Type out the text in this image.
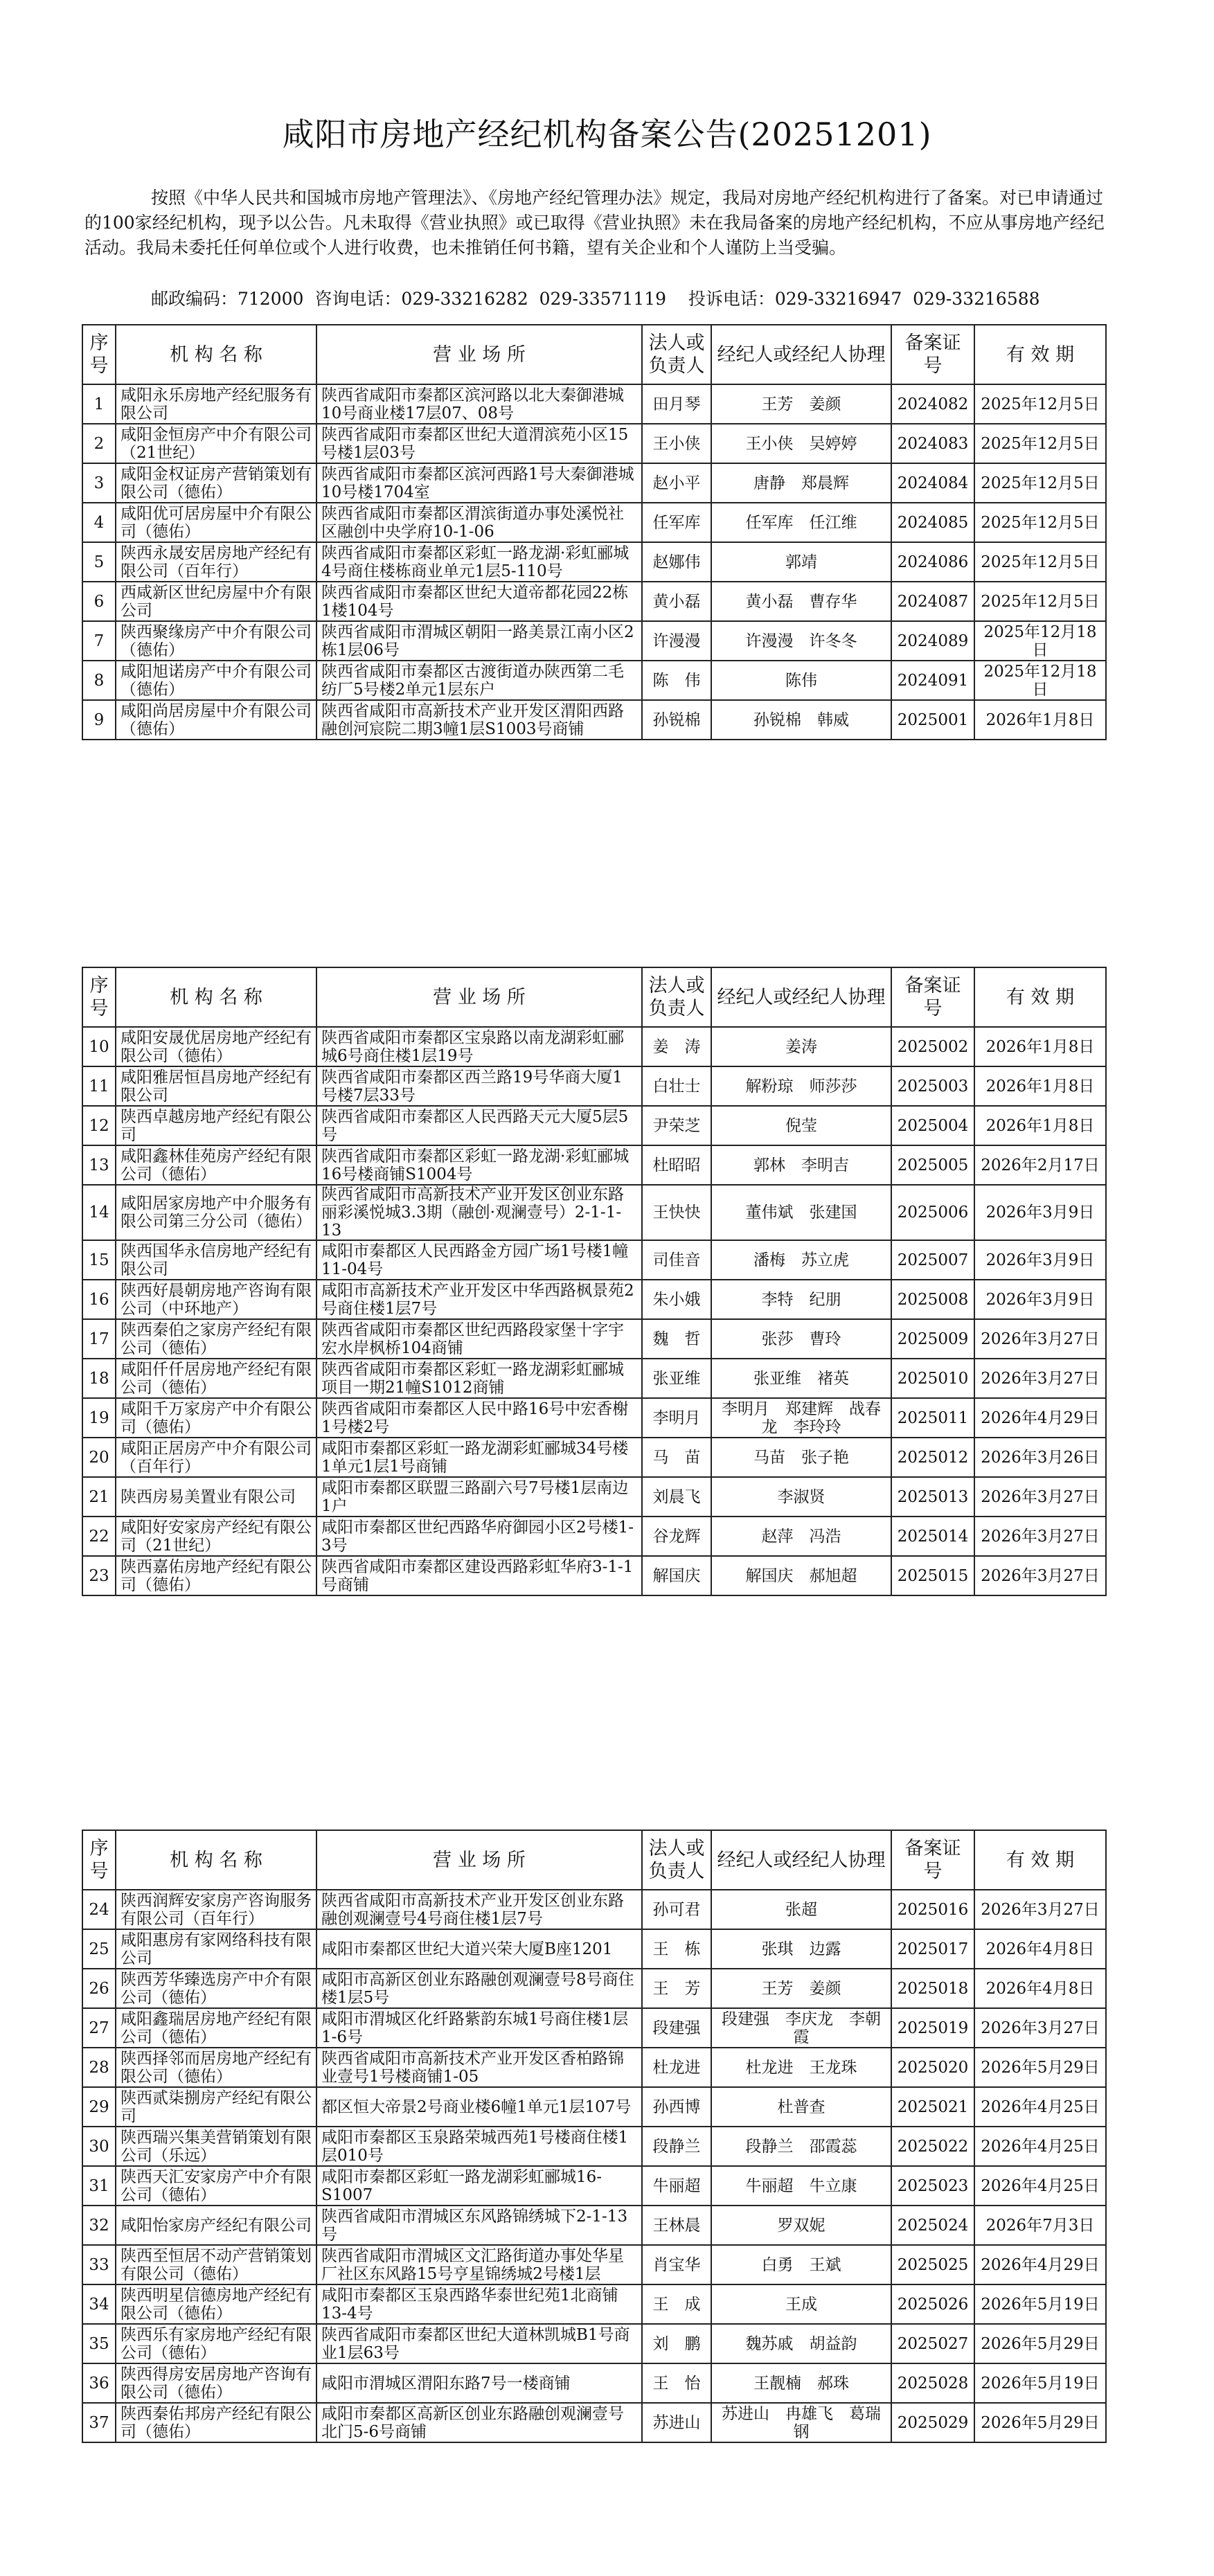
咸阳市房地产经纪机构备案公告(20251201)
按照《中华人民共和国城市房地产管理法》、《房地产经纪管理办法》规定，我局对房地产经纪机构进行了备案。对已申请通过的100家经纪机构，现予以公告。凡未取得《营业执照》或已取得《营业执照》未在我局备案的房地产经纪机构，不应从事房地产经纪活动。我局未委托任何单位或个人进行收费，也未推销任何书籍，望有关企业和个人谨防上当受骗。
邮政编码：712000  咨询电话：029-33216282  029-33571119    投诉电话：029-33216947  029-33216588
序号	机 构 名 称	营 业 场 所	法人或负责人	经纪人或经纪人协理	备案证号	有 效 期
1	咸阳永乐房地产经纪服务有限公司	陕西省咸阳市秦都区滨河路以北大秦御港城10号商业楼17层07、08号	田月琴	王芳　姜颜	2024082	2025年12月5日
2	咸阳金恒房产中介有限公司（21世纪）	陕西省咸阳市秦都区世纪大道渭滨苑小区15号楼1层03号	王小侠	王小侠　吴婷婷	2024083	2025年12月5日
3	咸阳金权证房产营销策划有限公司（德佑）	陕西省咸阳市秦都区滨河西路1号大秦御港城10号楼1704室	赵小平	唐静　郑晨辉	2024084	2025年12月5日
4	咸阳优可居房屋中介有限公司（德佑）	陕西省咸阳市秦都区渭滨街道办事处溪悦社区融创中央学府10-1-06	任军库	任军库　任江维	2024085	2025年12月5日
5	陕西永晟安居房地产经纪有限公司（百年行）	陕西省咸阳市秦都区彩虹一路龙湖·彩虹郦城4号商住楼栋商业单元1层5-110号	赵娜伟	郭靖	2024086	2025年12月5日
6	西咸新区世纪房屋中介有限公司	陕西省咸阳市秦都区世纪大道帝都花园22栋1楼104号	黄小磊	黄小磊　曹存华	2024087	2025年12月5日
7	陕西聚缘房产中介有限公司（德佑）	陕西省咸阳市渭城区朝阳一路美景江南小区2栋1层06号	许漫漫	许漫漫　许冬冬	2024089	2025年12月18日
8	咸阳旭诺房产中介有限公司（德佑）	陕西省咸阳市秦都区古渡街道办陕西第二毛纺厂5号楼2单元1层东户	陈　伟	陈伟	2024091	2025年12月18日
9	咸阳尚居房屋中介有限公司（德佑）	陕西省咸阳市高新技术产业开发区渭阳西路融创河宸院二期3幢1层S1003号商铺	孙锐棉	孙锐棉　韩威	2025001	2026年1月8日
序号	机 构 名 称	营 业 场 所	法人或负责人	经纪人或经纪人协理	备案证号	有 效 期
10	咸阳安晟优居房地产经纪有限公司（德佑）	陕西省咸阳市秦都区宝泉路以南龙湖彩虹郦城6号商住楼1层19号	姜　涛	姜涛	2025002	2026年1月8日
11	咸阳雅居恒昌房地产经纪有限公司	陕西省咸阳市秦都区西兰路19号华商大厦1号楼7层33号	白壮士	解粉琼　师莎莎	2025003	2026年1月8日
12	陕西卓越房地产经纪有限公司	陕西省咸阳市秦都区人民西路天元大厦5层5号	尹荣芝	倪莹	2025004	2026年1月8日
13	咸阳鑫林佳苑房产经纪有限公司（德佑）	陕西省咸阳市秦都区彩虹一路龙湖·彩虹郦城16号楼商铺S1004号	杜昭昭	郭林　李明吉	2025005	2026年2月17日
14	咸阳居家房地产中介服务有限公司第三分公司（德佑）	陕西省咸阳市高新技术产业开发区创业东路丽彩溪悦城3.3期（融创·观澜壹号）2-1-1-13	王快快	董伟斌　张建国	2025006	2026年3月9日
15	陕西国华永信房地产经纪有限公司	咸阳市秦都区人民西路金方园广场1号楼1幢11-04号	司佳音	潘梅　苏立虎	2025007	2026年3月9日
16	陕西好晨朝房地产咨询有限公司（中环地产）	咸阳市高新技术产业开发区中华西路枫景苑2号商住楼1层7号	朱小娥	李特　纪朋	2025008	2026年3月9日
17	陕西秦伯之家房产经纪有限公司（德佑）	陕西省咸阳市秦都区世纪西路段家堡十字宇宏水岸枫桥104商铺	魏　哲	张莎　曹玲	2025009	2026年3月27日
18	咸阳仟仟居房地产经纪有限公司（德佑）	陕西省咸阳市秦都区彩虹一路龙湖彩虹郦城项目一期21幢S1012商铺	张亚维	张亚维　褚英	2025010	2026年3月27日
19	咸阳千万家房产中介有限公司（德佑）	陕西省咸阳市秦都区人民中路16号中宏香榭1号楼2号	李明月	李明月　郑建辉　战春龙　李玲玲	2025011	2026年4月29日
20	咸阳正居房产中介有限公司（百年行）	咸阳市秦都区彩虹一路龙湖彩虹郦城34号楼1单元1层1号商铺	马　苗	马苗　张子艳	2025012	2026年3月26日
21	陕西房易美置业有限公司	咸阳市秦都区联盟三路副六号7号楼1层南边1户	刘晨飞	李淑贤	2025013	2026年3月27日
22	咸阳好安家房产经纪有限公司（21世纪）	咸阳市秦都区世纪西路华府御园小区2号楼1-3号	谷龙辉	赵萍　冯浩	2025014	2026年3月27日
23	陕西嘉佑房地产经纪有限公司（德佑）	陕西省咸阳市秦都区建设西路彩虹华府3-1-1号商铺	解国庆	解国庆　郝旭超	2025015	2026年3月27日
序号	机 构 名 称	营 业 场 所	法人或负责人	经纪人或经纪人协理	备案证号	有 效 期
24	陕西润辉安家房产咨询服务有限公司（百年行）	陕西省咸阳市高新技术产业开发区创业东路融创观澜壹号4号商住楼1层7号	孙可君	张超	2025016	2026年3月27日
25	咸阳惠房有家网络科技有限公司	咸阳市秦都区世纪大道兴荣大厦B座1201	王　栋	张琪　边露	2025017	2026年4月8日
26	陕西芳华臻选房产中介有限公司（德佑）	咸阳市高新区创业东路融创观澜壹号8号商住楼1层5号	王　芳	王芳　姜颜	2025018	2026年4月8日
27	咸阳鑫瑞居房地产经纪有限公司（德佑）	咸阳市渭城区化纤路紫韵东城1号商住楼1层1-6号	段建强	段建强　李庆龙　李朝霞	2025019	2026年3月27日
28	陕西择邻而居房地产经纪有限公司（德佑）	陕西省咸阳市高新技术产业开发区香柏路锦业壹号1号楼商铺1-05	杜龙进	杜龙进　王龙珠	2025020	2026年5月29日
29	陕西贰柒捌房产经纪有限公司	都区恒大帝景2号商业楼6幢1单元1层107号	孙西博	杜普查	2025021	2026年4月25日
30	陕西瑞兴集美营销策划有限公司（乐远）	咸阳市秦都区玉泉路荣城西苑1号楼商住楼1层010号	段静兰	段静兰　邵霞蕊	2025022	2026年4月25日
31	陕西天汇安家房产中介有限公司（德佑）	咸阳市秦都区彩虹一路龙湖彩虹郦城16-S1007	牛丽超	牛丽超　牛立康	2025023	2026年4月25日
32	咸阳怡家房产经纪有限公司	陕西省咸阳市渭城区东风路锦绣城下2-1-13号	王林晨	罗双妮	2025024	2026年7月3日
33	陕西至恒居不动产营销策划有限公司（德佑）	陕西省咸阳市渭城区文汇路街道办事处华星厂社区东风路15号亨星锦绣城2号楼1层	肖宝华	白勇　王斌	2025025	2026年4月29日
34	陕西明星信德房地产经纪有限公司（德佑）	咸阳市秦都区玉泉西路华泰世纪苑1北商铺13-4号	王　成	王成	2025026	2026年5月19日
35	陕西乐有家房地产经纪有限公司（德佑）	陕西省咸阳市秦都区世纪大道林凯城B1号商业1层63号	刘　鹏	魏苏戚　胡益韵	2025027	2026年5月29日
36	陕西得房安居房地产咨询有限公司（德佑）	咸阳市渭城区渭阳东路7号一楼商铺	王　怡	王靓楠　郝珠	2025028	2026年5月19日
37	陕西秦佑邦房产经纪有限公司（德佑）	咸阳市秦都区高新区创业东路融创观澜壹号北门5-6号商铺	苏进山	苏进山　冉雄飞　葛瑞钢	2025029	2026年5月29日
